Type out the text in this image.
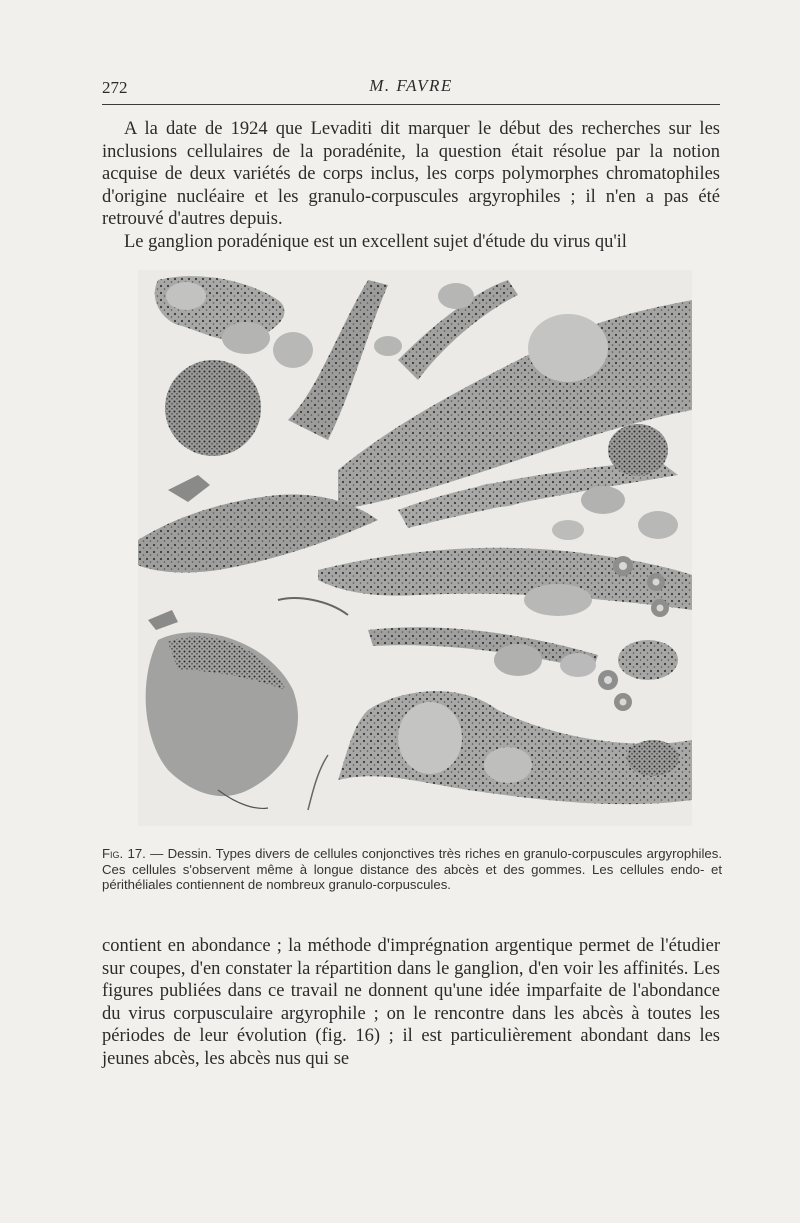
272	M. FAVRE

A la date de 1924 que Levaditi dit marquer le début des recherches sur les inclusions cellulaires de la poradénite, la question était résolue par la notion acquise de deux variétés de corps inclus, les corps polymorphes chromatophiles d'origine nucléaire et les granulo-corpuscules argyrophiles ; il n'en a pas été retrouvé d'autres depuis.
Le ganglion poradénique est un excellent sujet d'étude du virus qu'il

Fig. 17. — Dessin. Types divers de cellules conjonctives très riches en granulo-corpuscules argyrophiles. Ces cellules s'observent même à longue distance des abcès et des gommes. Les cellules endo- et périthéliales contiennent de nombreux granulo-corpuscules.

contient en abondance ; la méthode d'imprégnation argentique permet de l'étudier sur coupes, d'en constater la répartition dans le ganglion, d'en voir les affinités. Les figures publiées dans ce travail ne donnent qu'une idée imparfaite de l'abondance du virus corpusculaire argyrophile ; on le rencontre dans les abcès à toutes les périodes de leur évolution (fig. 16) ; il est particulièrement abondant dans les jeunes abcès, les abcès nus qui se
